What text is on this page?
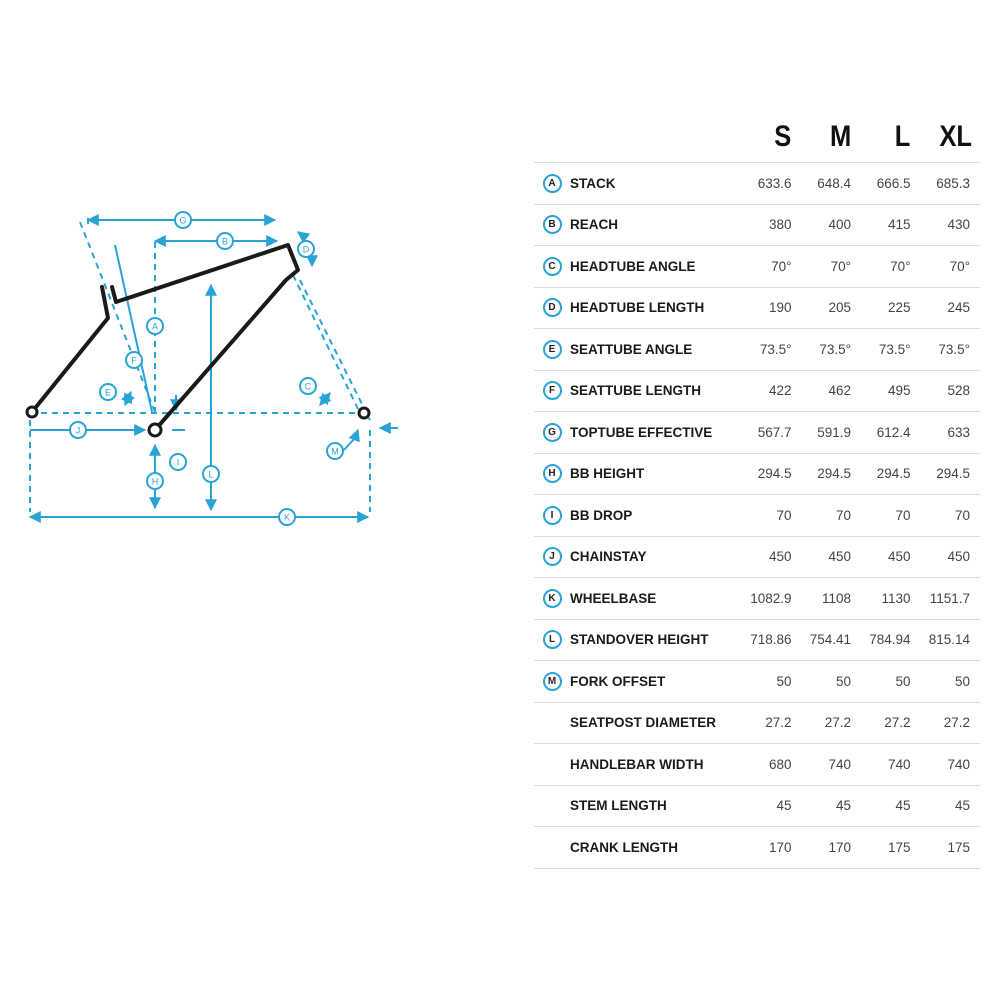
A
B
C
D
E
F
G
H
I
J
K
L
M
		S	M	L	XL
A	STACK	633.6	648.4	666.5	685.3
B	REACH	380	400	415	430
C	HEADTUBE ANGLE	70°	70°	70°	70°
D	HEADTUBE LENGTH	190	205	225	245
E	SEATTUBE ANGLE	73.5°	73.5°	73.5°	73.5°
F	SEATTUBE LENGTH	422	462	495	528
G	TOPTUBE EFFECTIVE	567.7	591.9	612.4	633
H	BB HEIGHT	294.5	294.5	294.5	294.5
I	BB DROP	70	70	70	70
J	CHAINSTAY	450	450	450	450
K	WHEELBASE	1082.9	1108	1130	1151.7
L	STANDOVER HEIGHT	718.86	754.41	784.94	815.14
M	FORK OFFSET	50	50	50	50
	SEATPOST DIAMETER	27.2	27.2	27.2	27.2
	HANDLEBAR WIDTH	680	740	740	740
	STEM LENGTH	45	45	45	45
	CRANK LENGTH	170	170	175	175
